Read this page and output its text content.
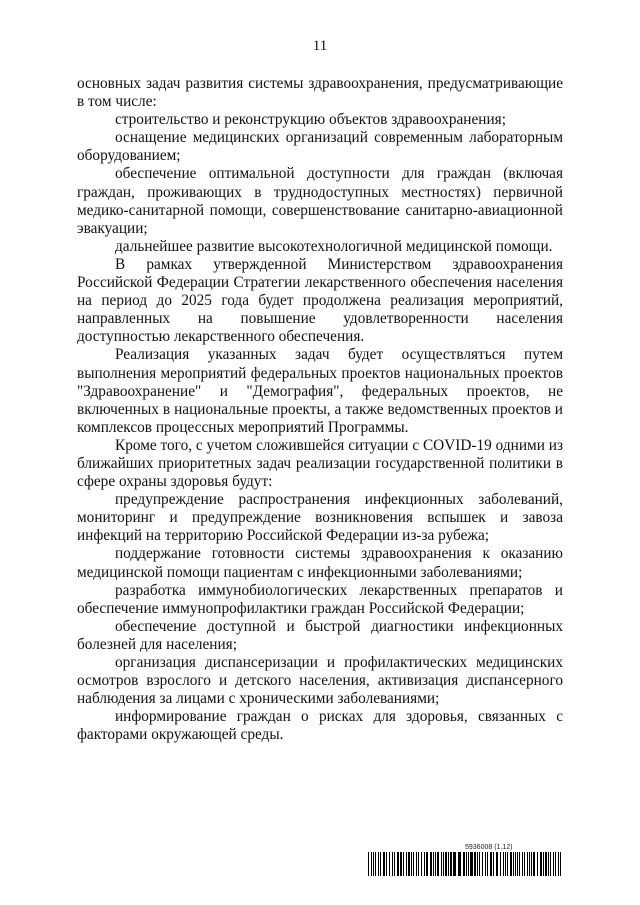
11

основных задач развития системы здравоохранения, предусматривающие в том числе:

строительство и реконструкцию объектов здравоохранения;

оснащение медицинских организаций современным лабораторным оборудованием;

обеспечение оптимальной доступности для граждан (включая граждан, проживающих в труднодоступных местностях) первичной медико-санитарной помощи, совершенствование санитарно-авиационной эвакуации;

дальнейшее развитие высокотехнологичной медицинской помощи.

В рамках утвержденной Министерством здравоохранения Российской Федерации Стратегии лекарственного обеспечения населения на период до 2025 года будет продолжена реализация мероприятий, направленных на повышение удовлетворенности населения доступностью лекарственного обеспечения.

Реализация указанных задач будет осуществляться путем выполнения мероприятий федеральных проектов национальных проектов "Здравоохранение" и "Демография", федеральных проектов, не включенных в национальные проекты, а также ведомственных проектов и комплексов процессных мероприятий Программы.

Кроме того, с учетом сложившейся ситуации с COVID-19 одними из ближайших приоритетных задач реализации государственной политики в сфере охраны здоровья будут:

предупреждение распространения инфекционных заболеваний, мониторинг и предупреждение возникновения вспышек и завоза инфекций на территорию Российской Федерации из-за рубежа;

поддержание готовности системы здравоохранения к оказанию медицинской помощи пациентам с инфекционными заболеваниями;

разработка иммунобиологических лекарственных препаратов и обеспечение иммунопрофилактики граждан Российской Федерации;

обеспечение доступной и быстрой диагностики инфекционных болезней для населения;

организация диспансеризации и профилактических медицинских осмотров взрослого и детского населения, активизация диспансерного наблюдения за лицами с хроническими заболеваниями;

информирование граждан о рисках для здоровья, связанных с факторами окружающей среды.

5936008 (1.12)
